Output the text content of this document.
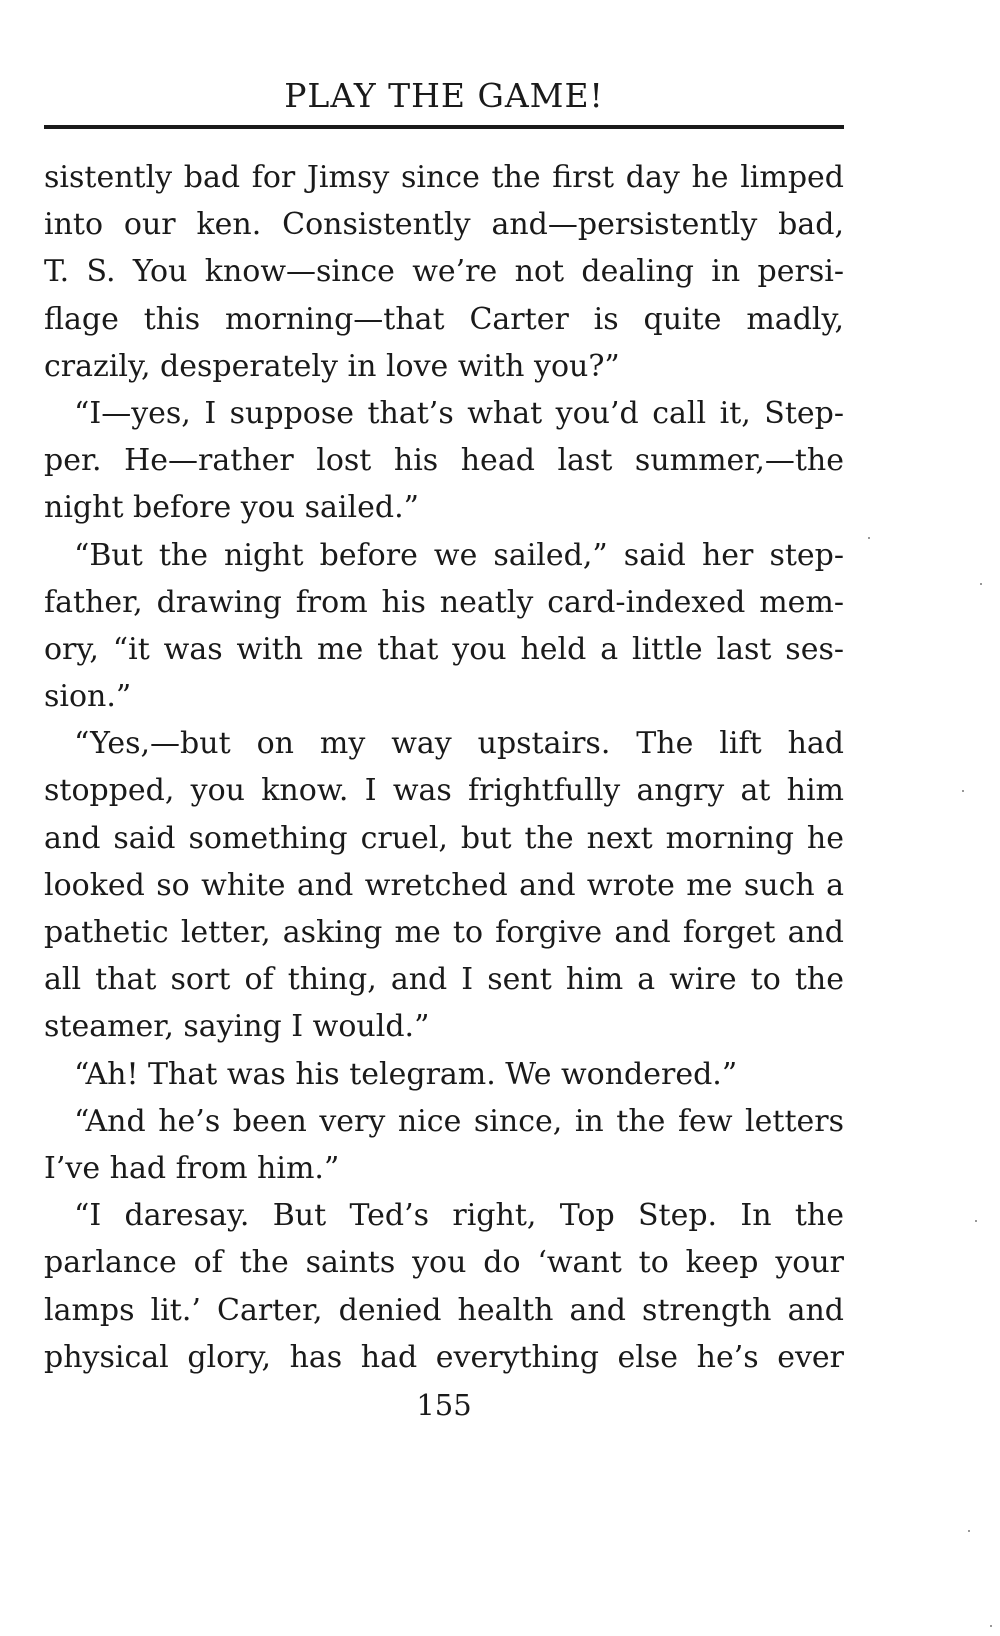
PLAY THE GAME!
sistently bad for Jimsy since the first day he limped
into our ken. Consistently and—persistently bad,
T. S. You know—since we’re not dealing in persi-
flage this morning—that Carter is quite madly,
crazily, desperately in love with you?”
“I—yes, I suppose that’s what you’d call it, Step-
per. He—rather lost his head last summer,—the
night before you sailed.”
“But the night before we sailed,” said her step-
father, drawing from his neatly card-indexed mem-
ory, “it was with me that you held a little last ses-
sion.”
“Yes,—but on my way upstairs. The lift had
stopped, you know. I was frightfully angry at him
and said something cruel, but the next morning he
looked so white and wretched and wrote me such a
pathetic letter, asking me to forgive and forget and
all that sort of thing, and I sent him a wire to the
steamer, saying I would.”
“Ah! That was his telegram. We wondered.”
“And he’s been very nice since, in the few letters
I’ve had from him.”
“I daresay. But Ted’s right, Top Step. In the
parlance of the saints you do ‘want to keep your
lamps lit.’ Carter, denied health and strength and
physical glory, has had everything else he’s ever
155
